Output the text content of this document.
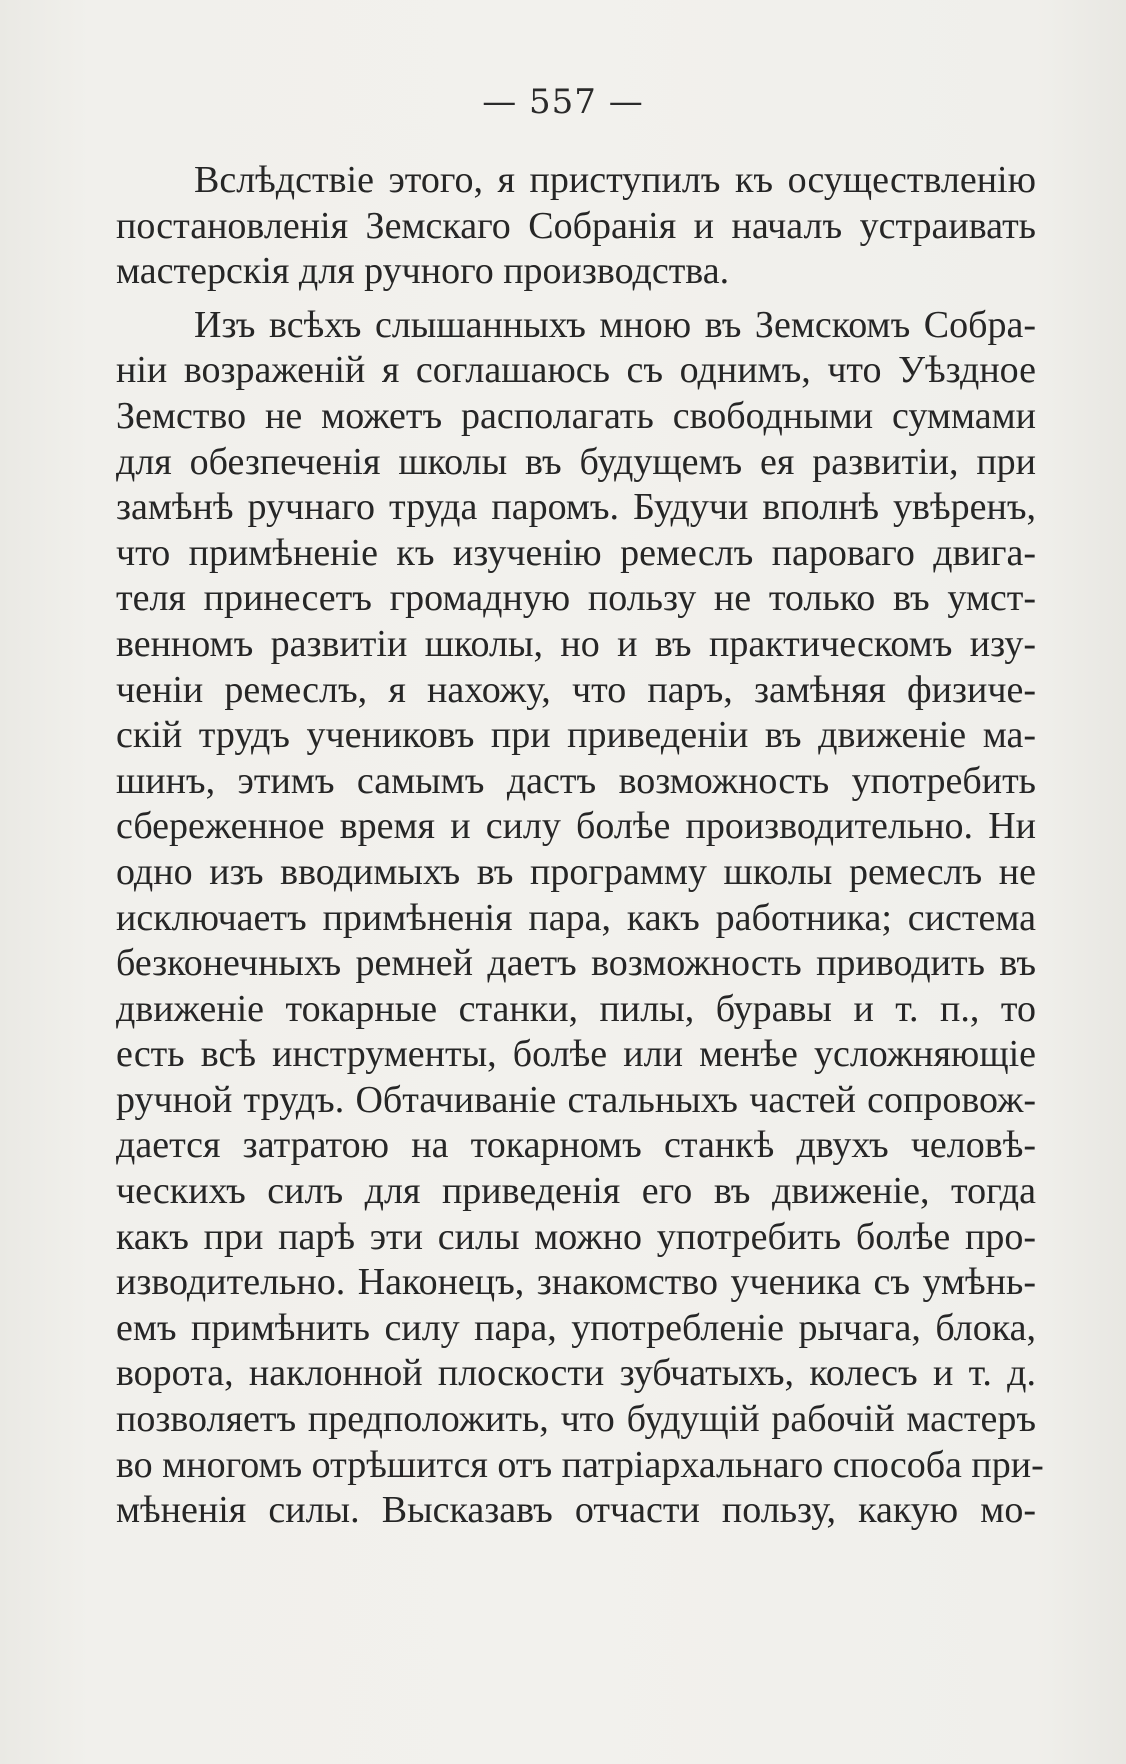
— 557 —
Вслѣдствіе этого, я приступилъ къ осуществленію
постановленія Земскаго Собранія и началъ устраивать
мастерскія для ручного производства.
Изъ всѣхъ слышанныхъ мною въ Земскомъ Собра-
ніи возраженій я соглашаюсь съ однимъ, что Уѣздное
Земство не можетъ располагать свободными суммами
для обезпеченія школы въ будущемъ ея развитіи, при
замѣнѣ ручнаго труда паромъ. Будучи вполнѣ увѣренъ,
что примѣненіе къ изученію ремеслъ пароваго двига-
теля принесетъ громадную пользу не только въ умст-
венномъ развитіи школы, но и въ практическомъ изу-
ченіи ремеслъ, я нахожу, что паръ, замѣняя физиче-
скій трудъ учениковъ при приведеніи въ движеніе ма-
шинъ, этимъ самымъ дастъ возможность употребить
сбереженное время и силу болѣе производительно. Ни
одно изъ вводимыхъ въ программу школы ремеслъ не
исключаетъ примѣненія пара, какъ работника; система
безконечныхъ ремней даетъ возможность приводить въ
движеніе токарные станки, пилы, буравы и т. п., то
есть всѣ инструменты, болѣе или менѣе усложняющіе
ручной трудъ. Обтачиваніе стальныхъ частей сопровож-
дается затратою на токарномъ станкѣ двухъ человѣ-
ческихъ силъ для приведенія его въ движеніе, тогда
какъ при парѣ эти силы можно употребить болѣе про-
изводительно. Наконецъ, знакомство ученика съ умѣнь-
емъ примѣнить силу пара, употребленіе рычага, блока,
ворота, наклонной плоскости зубчатыхъ, колесъ и т. д.
позволяетъ предположить, что будущій рабочій мастеръ
во многомъ отрѣшится отъ патріархальнаго способа при-
мѣненія силы. Высказавъ отчасти пользу, какую мо-
